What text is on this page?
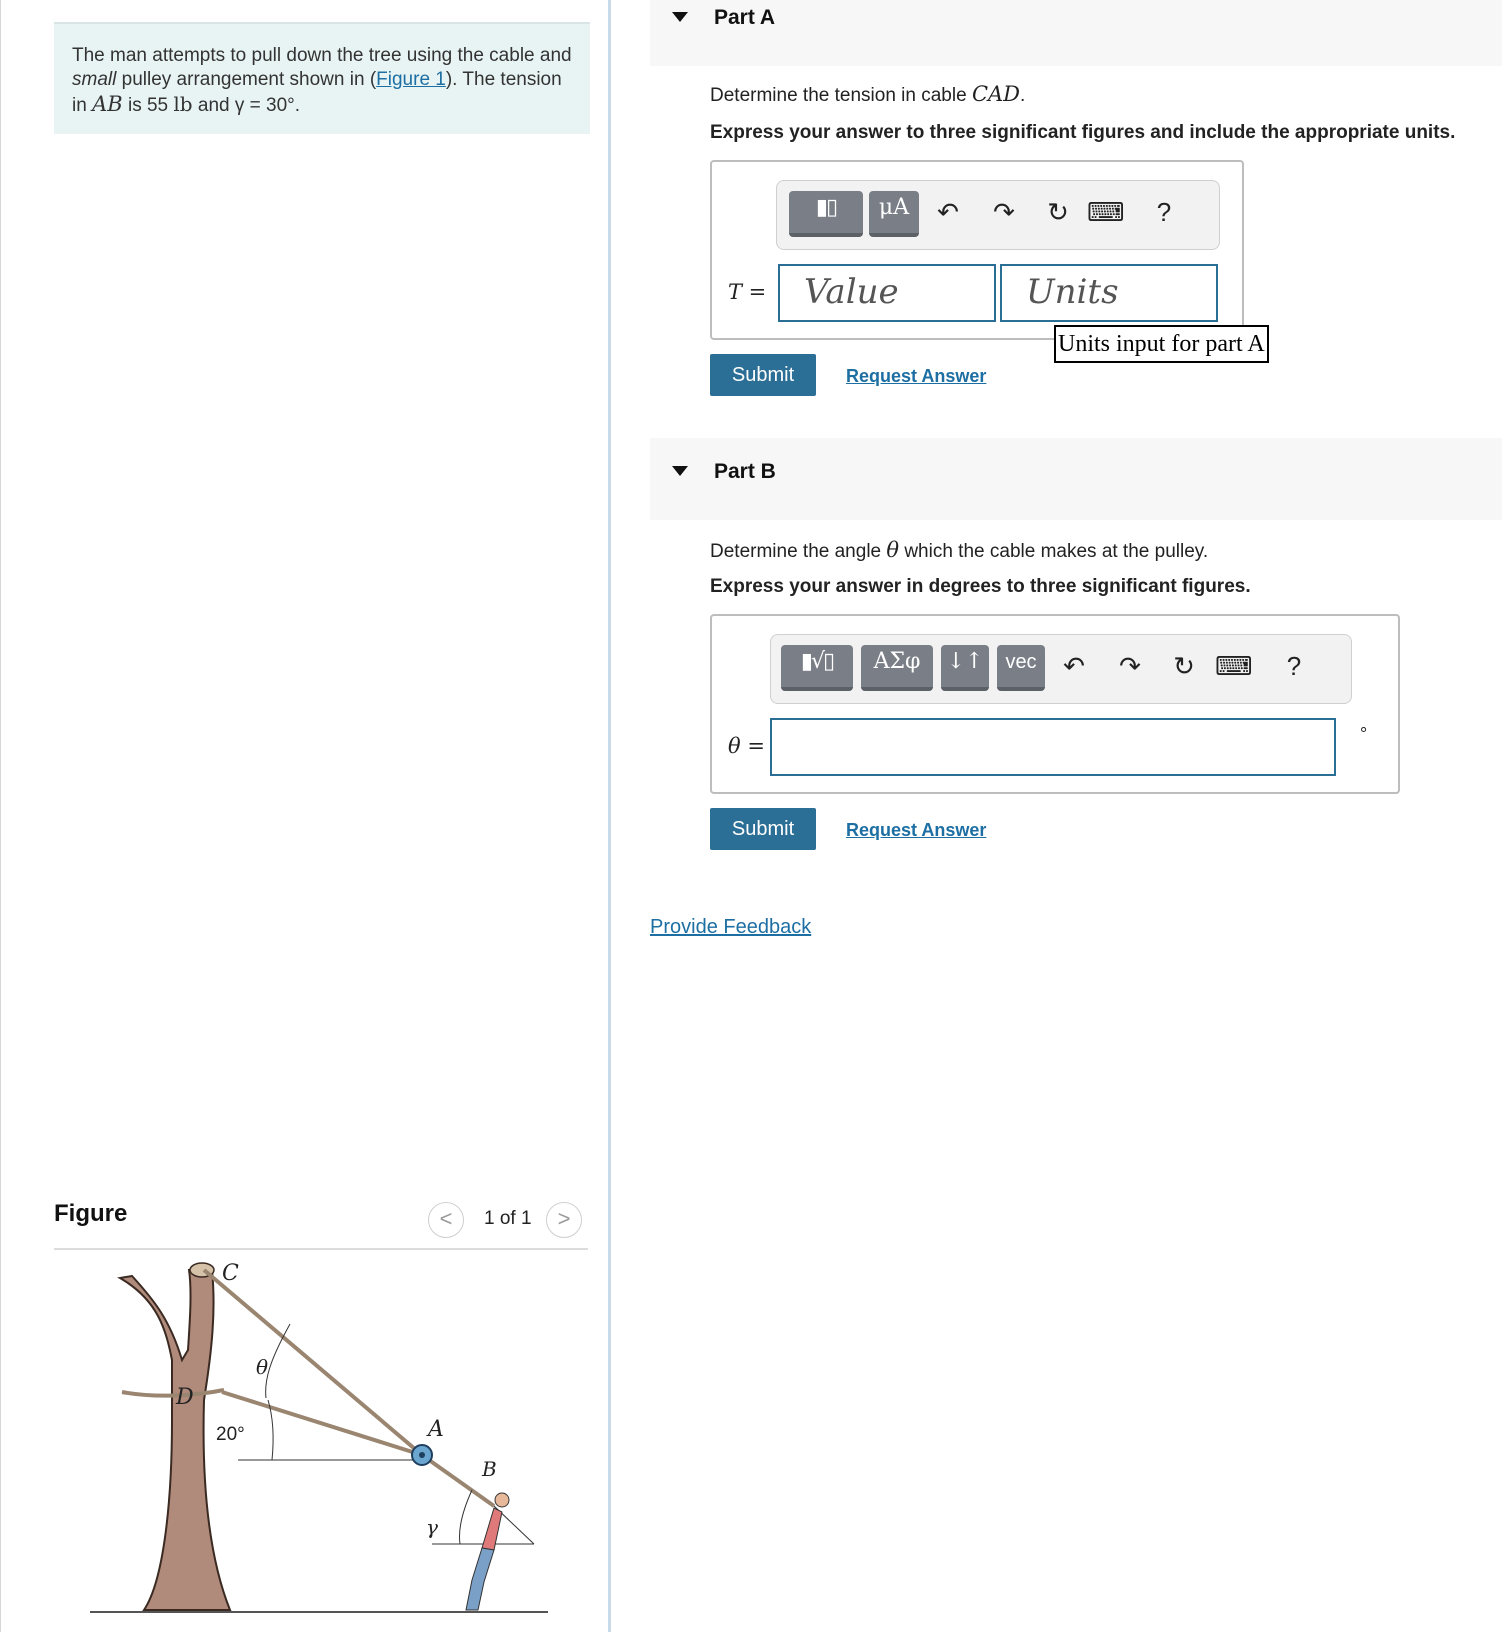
The man attempts to pull down the tree using the cable and small pulley arrangement shown in (Figure 1). The tension in AB is 55 lb and γ = 30°.
Figure	<	1 of 1	>
C
D
A
B
θ
20°
γ
Part A
Determine the tension in cable CAD.
Express your answer to three significant figures and include the appropriate units.
▮▯	μA	↶ ↷ ↻ ⌨	?
T =	Value	Units
Units input for part A
Submit	Request Answer
Part B
Determine the angle θ which the cable makes at the pulley.
Express your answer in degrees to three significant figures.
▮√▯	ΑΣφ	↓↑	vec	↶ ↷ ↻ ⌨	?
θ =	°
Submit	Request Answer
Provide Feedback
